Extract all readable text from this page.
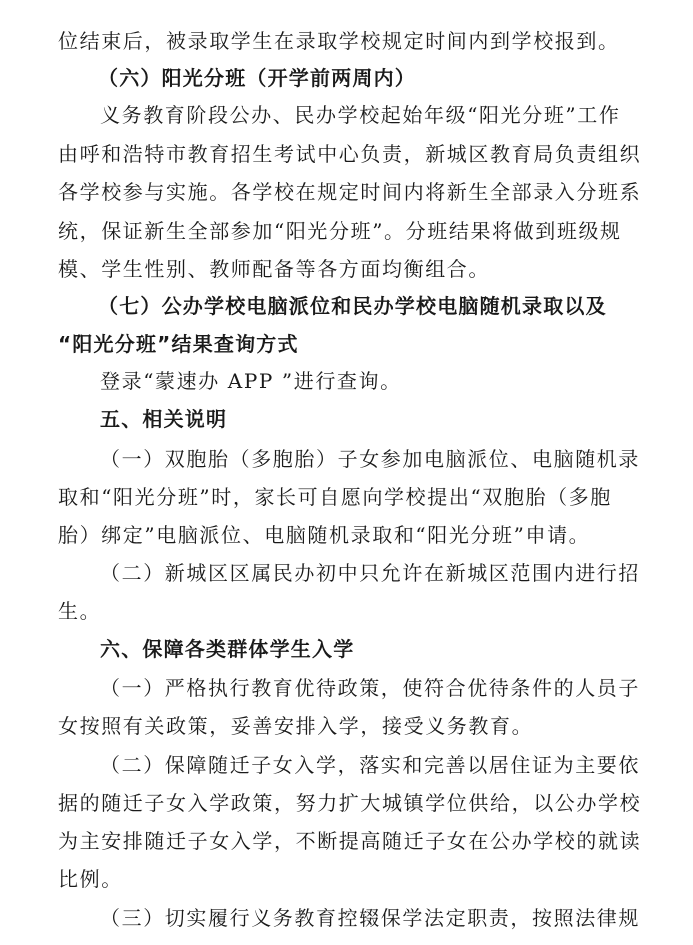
位结束后，被录取学生在录取学校规定时间内到学校报到。
（六）阳光分班（开学前两周内）
义务教育阶段公办、民办学校起始年级“阳光分班”工作
由呼和浩特市教育招生考试中心负责，新城区教育局负责组织
各学校参与实施。各学校在规定时间内将新生全部录入分班系
统，保证新生全部参加“阳光分班”。分班结果将做到班级规
模、学生性别、教师配备等各方面均衡组合。
（七）公办学校电脑派位和民办学校电脑随机录取以及
“阳光分班”结果查询方式
登录“蒙速办 APP ”进行查询。
五、相关说明
（一）双胞胎（多胞胎）子女参加电脑派位、电脑随机录
取和“阳光分班”时，家长可自愿向学校提出“双胞胎（多胞
胎）绑定”电脑派位、电脑随机录取和“阳光分班”申请。
（二）新城区区属民办初中只允许在新城区范围内进行招
生。
六、保障各类群体学生入学
（一）严格执行教育优待政策，使符合优待条件的人员子
女按照有关政策，妥善安排入学，接受义务教育。
（二）保障随迁子女入学，落实和完善以居住证为主要依
据的随迁子女入学政策，努力扩大城镇学位供给，以公办学校
为主安排随迁子女入学，不断提高随迁子女在公办学校的就读
比例。
（三）切实履行义务教育控辍保学法定职责，按照法律规
